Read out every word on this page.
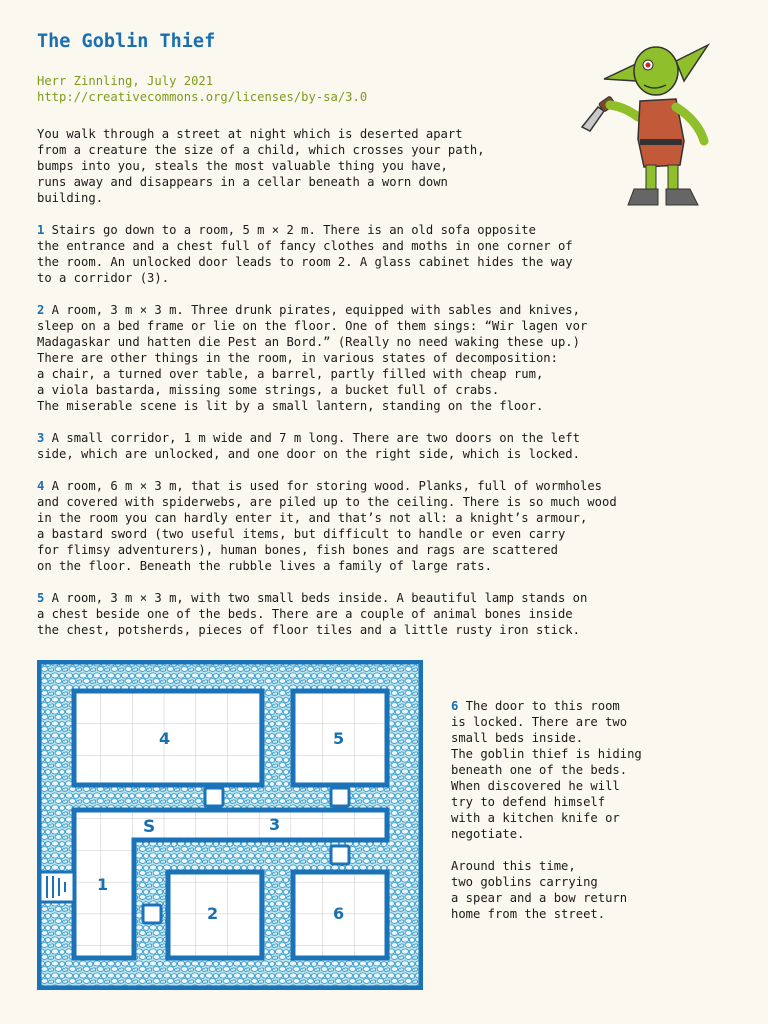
The Goblin Thief
Herr Zinnling, July 2021
http://creativecommons.org/licenses/by-sa/3.0
You walk through a street at night which is deserted apart
from a creature the size of a child, which crosses your path,
bumps into you, steals the most valuable thing you have,
runs away and disappears in a cellar beneath a worn down
building.
1 Stairs go down to a room, 5 m × 2 m. There is an old sofa opposite
the entrance and a chest full of fancy clothes and moths in one corner of
the room. An unlocked door leads to room 2. A glass cabinet hides the way
to a corridor (3).
2 A room, 3 m × 3 m. Three drunk pirates, equipped with sables and knives,
sleep on a bed frame or lie on the floor. One of them sings: “Wir lagen vor
Madagaskar und hatten die Pest an Bord.” (Really no need waking these up.)
There are other things in the room, in various states of decomposition:
a chair, a turned over table, a barrel, partly filled with cheap rum,
a viola bastarda, missing some strings, a bucket full of crabs.
The miserable scene is lit by a small lantern, standing on the floor.
3 A small corridor, 1 m wide and 7 m long. There are two doors on the left
side, which are unlocked, and one door on the right side, which is locked.
4 A room, 6 m × 3 m, that is used for storing wood. Planks, full of wormholes
and covered with spiderwebs, are piled up to the ceiling. There is so much wood
in the room you can hardly enter it, and that’s not all: a knight’s armour,
a bastard sword (two useful items, but difficult to handle or even carry
for flimsy adventurers), human bones, fish bones and rags are scattered
on the floor. Beneath the rubble lives a family of large rats.
5 A room, 3 m × 3 m, with two small beds inside. A beautiful lamp stands on
a chest beside one of the beds. There are a couple of animal bones inside
the chest, potsherds, pieces of floor tiles and a little rusty iron stick.
6 The door to this room
is locked. There are two
small beds inside.
The goblin thief is hiding
beneath one of the beds.
When discovered he will
try to defend himself
with a kitchen knife or
negotiate.
Around this time,
two goblins carrying
a spear and a bow return
home from the street.
4	5
S	3
1
2	6
